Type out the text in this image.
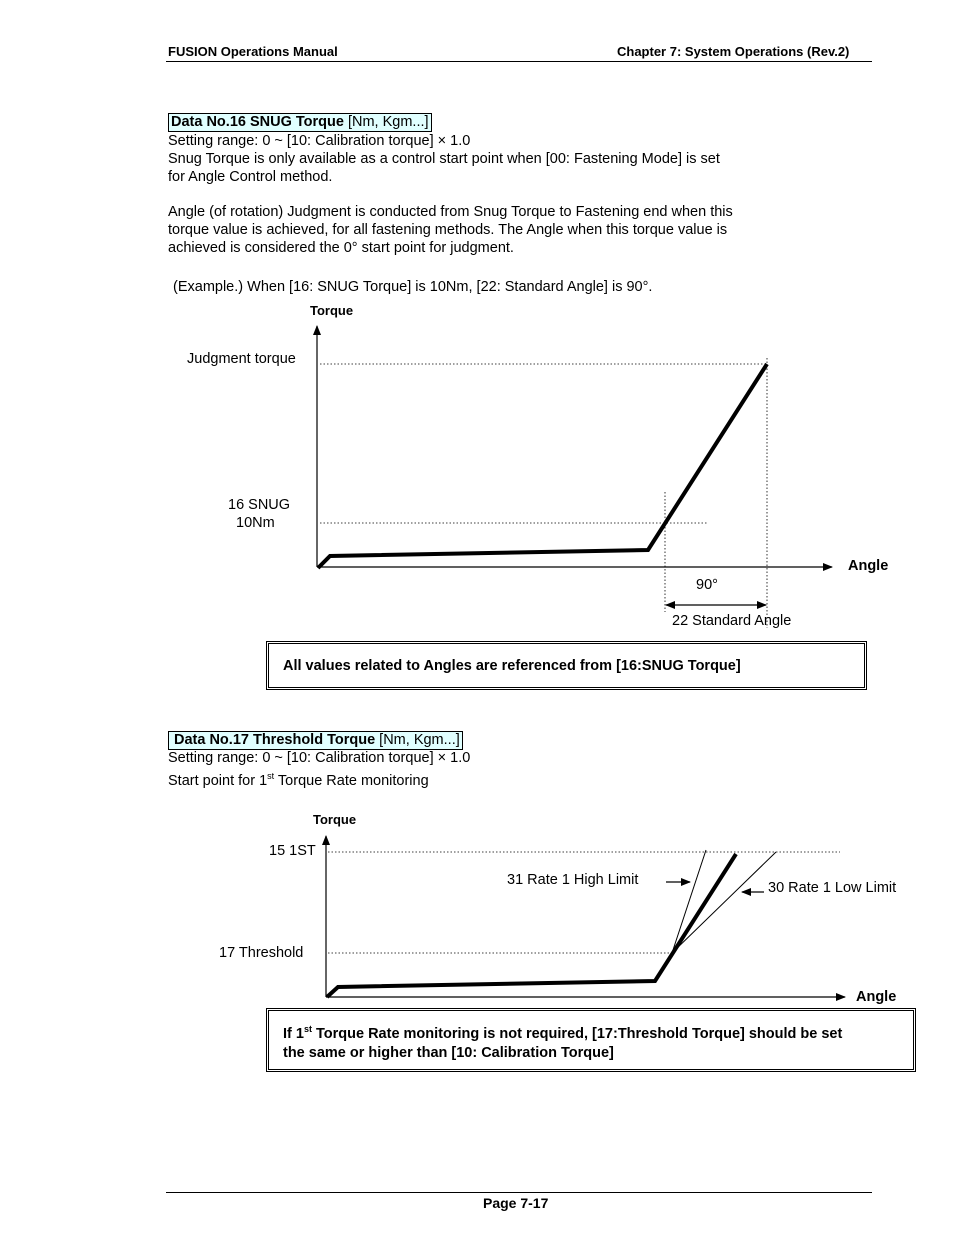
FUSION Operations Manual	Chapter 7: System Operations (Rev.2)
Data No.16 SNUG Torque [Nm, Kgm...]
Setting range: 0 ~ [10: Calibration torque] × 1.0
Snug Torque is only available as a control start point when [00: Fastening Mode] is set
for Angle Control method.
Angle (of rotation) Judgment is conducted from Snug Torque to Fastening end when this
torque value is achieved, for all fastening methods. The Angle when this torque value is
achieved is considered the 0° start point for judgment.
(Example.) When [16: SNUG Torque] is 10Nm, [22: Standard Angle] is 90°.
Torque
Judgment torque
16 SNUG
10Nm
Angle
90°
22 Standard Angle
All values related to Angles are referenced from [16:SNUG Torque]
Data No.17 Threshold Torque [Nm, Kgm...]
Setting range: 0 ~ [10: Calibration torque] × 1.0
Start point for 1st Torque Rate monitoring
Torque
15 1ST
31 Rate 1 High Limit	30 Rate 1 Low Limit
17 Threshold
Angle
If 1st Torque Rate monitoring is not required, [17:Threshold Torque] should be set
the same or higher than [10: Calibration Torque]
Page 7-17
